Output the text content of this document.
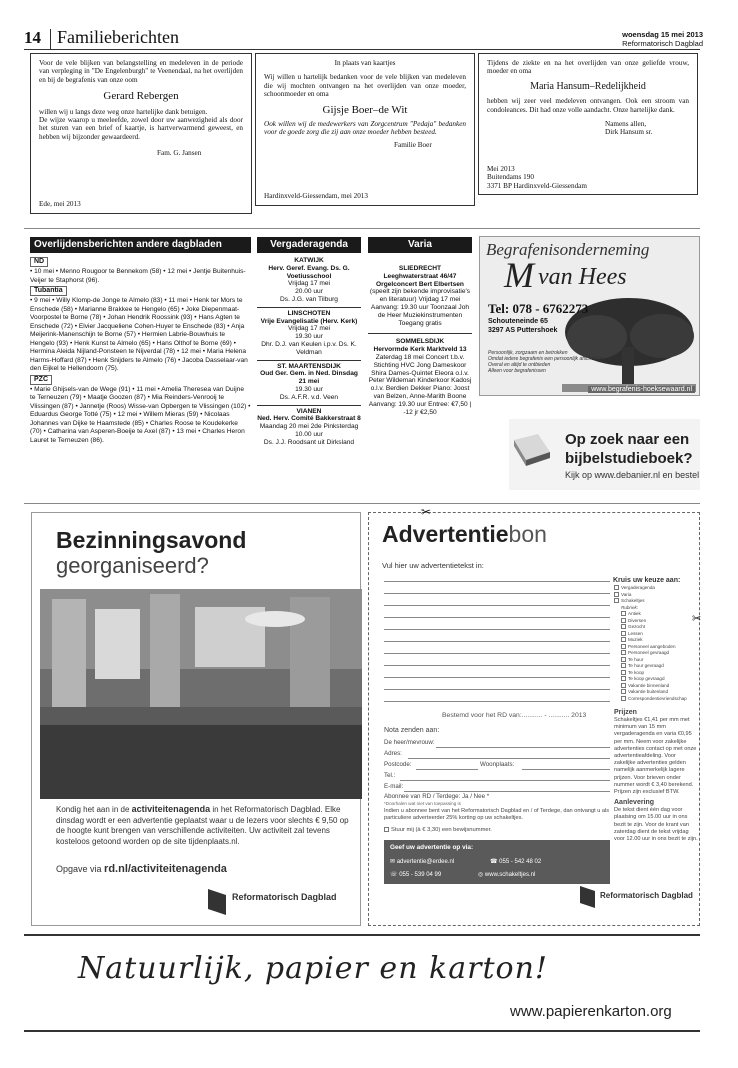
14 Familieberichten	woensdag 15 mei 2013
Reformatorisch Dagblad

Voor de vele blijken van belangstelling en medeleven in de periode van verpleging in "De Engelenburgh" te Veenendaal, na het overlijden en bij de begrafenis van onze oom

Gerard Rebergen

willen wij u langs deze weg onze hartelijke dank betuigen.

De wijze waarop u meeleefde, zowel door uw aanwezigheid als door het sturen van een brief of kaartje, is hartverwarmend geweest, en hebben wij bijzonder gewaardeerd.

Fam. G. Jansen

Ede, mei 2013

In plaats van kaartjes

Wij willen u hartelijk bedanken voor de vele blijken van medeleven die wij mochten ontvangen na het overlijden van onze moeder, schoonmoeder en oma

Gijsje Boer–de Wit

Ook willen wij de medewerkers van Zorgcentrum "Pedaja" bedanken voor de goede zorg die zij aan onze moeder hebben besteed.

Familie Boer

Hardinxveld-Giessendam, mei 2013

Tijdens de ziekte en na het overlijden van onze geliefde vrouw, moeder en oma

Maria Hansum–Redelijkheid

hebben wij zeer veel medeleven ontvangen. Ook een stroom van condoleances. Dit had onze volle aandacht. Onze hartelijke dank.

Namens allen,

Dirk Hansum sr.

Mei 2013

Buitendams 190

3371 BP Hardinxveld-Giessendam

Overlijdensberichten andere dagbladen
ND
• 10 mei • Menno Rougoor te Bennekom (58) • 12 mei • Jentje Buitenhuis-Veijer te Staphorst (96).
Tubantia
• 9 mei • Willy Klomp-de Jonge te Almelo (83) • 11 mei • Henk ter Mors te Enschede (58) • Marianne Brakkee te Hengelo (65) • Joke Diepenmaat-Voorpostel te Borne (78) • Johan Hendrik Roossink (93) • Hans Agten te Enschede (72) • Elvier Jacqueliene Cohen-Huyer te Enschede (83) • Anja Meijerink-Manenschijn te Borne (57) • Hermien Labrie-Bouwhuis te Hengelo (93) • Henk Kunst te Almelo (65) • Hans Olthof te Borne (69) • Hermina Aleida Nijland-Ponsteen te Nijverdal (78) • 12 mei • Maria Helena Harms-Hoffard (87) • Henk Snijders te Almelo (76) • Jacoba Dasselaar-van den Eijkel te Hellendoorn (75).
PZC
• Marie Ghijsels-van de Wege (91) • 11 mei • Amelia Theresea van Duijne te Terneuzen (79) • Maatje Goozen (87) • Mia Reinders-Venrooij te Vlissingen (87) • Jannetje (Roos) Wisse-van Opbergen te Vlissingen (102) • Eduardus George Totté (75) • 12 mei • Willem Mieras (59) • Nicolaas Johannes van Dijke te Haamstede (85) • Charles Roose te Koudekerke (70) • Catharina van Asperen-Boeije te Axel (87) • 13 mei • Charles Heron Lauret te Terneuzen (86).
Vergaderagenda
KATWIJK
Herv. Geref. Evang. Ds. G. Voetiusschool
Vrijdag 17 mei
20.00 uur
Ds. J.G. van Tilburg
LINSCHOTEN
Vrije Evangelisatie (Herv. Kerk)
Vrijdag 17 mei
19.30 uur
Dhr. D.J. van Keulen i.p.v. Ds. K. Veldman
ST. MAARTENSDIJK
Oud Ger. Gem. in Ned. Dinsdag 21 mei
19.30 uur
Ds. A.F.R. v.d. Veen
VIANEN
Ned. Herv. Comité Bakkerstraat 8
Maandag 20 mei 2de Pinksterdag
10.00 uur
Ds. J.J. Roodsant uit Dirksland
Varia
SLIEDRECHT
Leeghwaterstraat 46/47 Orgelconcert Bert Elbertsen
(speelt zijn bekende improvisatie's en literatuur) Vrijdag 17 mei Aanvang: 19.30 uur Toonzaal Joh de Heer Muziekinstrumenten Toegang gratis
SOMMELSDIJK
Hervormde Kerk Marktveld 13
Zaterdag 18 mei Concert t.b.v. Stichting HVC Jong Dameskoor Shira Dames-Quintet Eleora o.l.v. Peter Wildeman Kinderkoor Kadosj o.l.v. Berdien Dekker Piano: Joost van Belzen, Anne-Marith Boone Aanvang: 19.30 uur Entree: €7,50 | -12 jr €2,50
Begrafenisonderneming
M van Hees
Tel: 078 - 6762273
Schouteneinde 65
3297 AS Puttershoek
Persoonlijk, zorgzaam en betrokken
Omdat iedere begrafenis een persoonlijk afscheid is
Overal en altijd te ontbieden
Alleen voor begrafenissen
www.begrafenis-hoeksewaard.nl
Op zoek naar een
bijbelstudieboek?
Kijk op www.debanier.nl en bestel
Bezinningsavond
georganiseerd?
Kondig het aan in de activiteitenagenda in het Reformatorisch Dagblad. Elke dinsdag wordt er een advertentie geplaatst waar u de lezers voor slechts € 9,50 op de hoogte kunt brengen van verschillende activiteiten. Uw activiteit zal tevens kosteloos getoond worden op de site tijdenplaats.nl.
Opgave via rd.nl/activiteitenagenda
Reformatorisch Dagblad
✂
✂
Advertentiebon
Vul hier uw advertentietekst in:
Kruis uw keuze aan:
Vergaderagenda
Varia
Schakeltjes
Rubriek:
Antiek
Diversen
Gezocht
Lessen
Muziek
Personeel aangeboden
Personeel gevraagd
Te huur
Te huur gevraagd
Te koop
Te koop gevraagd
Vakantie binnenland
Vakantie buitenland
Correspondentievriendschap
Bestemd voor het RD van:........... - ........... 2013
Nota zenden aan:
De heer/mevrouw:
Adres:
Postcode:	Woonplaats:
Tel.:
E-mail:
Abonnee van RD / Terdege: Ja / Nee *
*Doorhalen wat niet van toepassing is
Indien u abonnee bent van het Reformatorisch Dagblad en / of Terdege, dan ontvangt u als particuliere adverteerder 25% korting op uw schakeltjes.
Stuur mij (à € 3,30) een bewijsnummer.
Geef uw advertentie op via:
✉ advertentie@erdee.nl	☎ 055 - 542 48 02
☏ 055 - 539 04 99	◎ www.schakeltjes.nl
Prijzen
Schakeltjes €1,41 per mm met minimum van 15 mm vergaderagenda en varia €0,95 per mm. Neem voor zakelijke advertenties contact op met onze advertentieafdeling. Voor zakelijke advertenties gelden namelijk aanmerkelijk lagere prijzen. Voor brieven onder nummer wordt € 3,40 berekend. Prijzen zijn exclusief BTW.
Aanlevering
De tekst dient één dag voor plaatsing om 15.00 uur in ons bezit te zijn. Voor de krant van zaterdag dient de tekst vrijdag voor 12.00 uur in ons bezit te zijn.
Reformatorisch Dagblad
Natuurlijk, papier en karton!
www.papierenkarton.org
